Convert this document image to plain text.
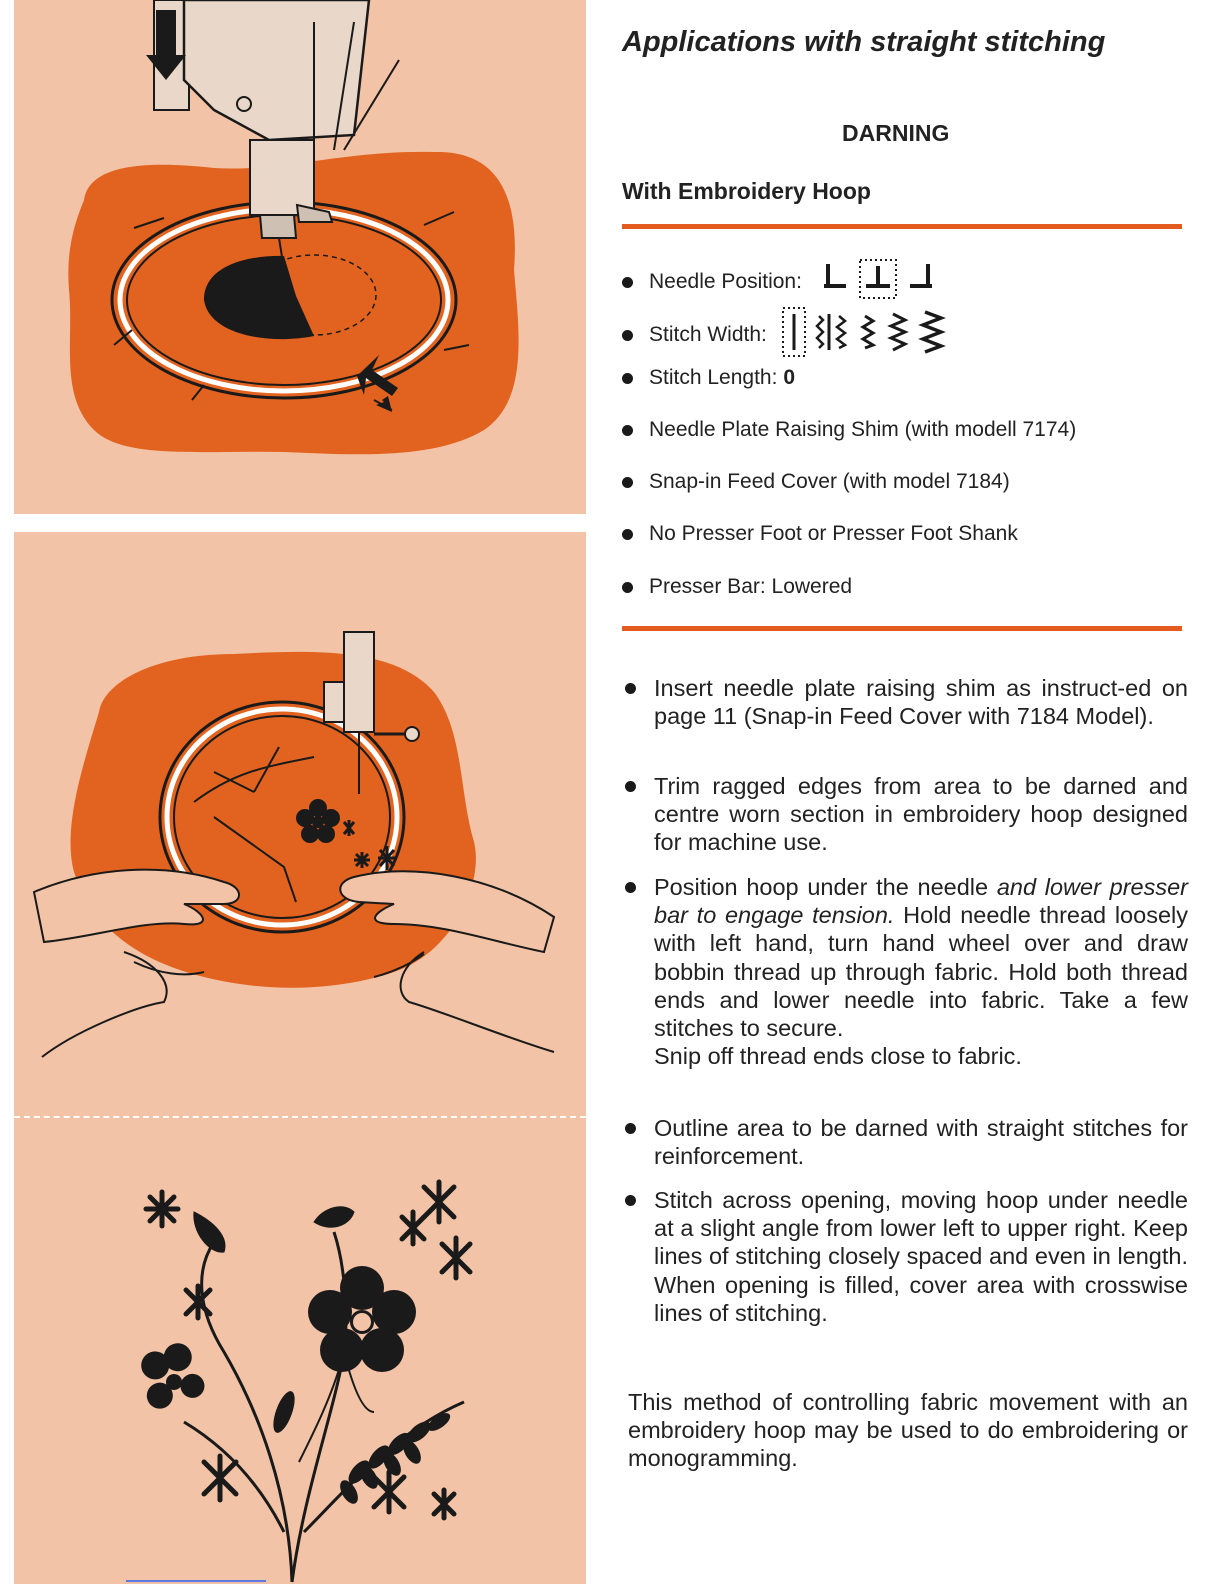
Applications with straight stitching
DARNING
With Embroidery Hoop
Needle Position:
Stitch Width:
Stitch Length: 0
Needle Plate Raising Shim (with modell 7174)
Snap-in Feed Cover (with model 7184)
No Presser Foot or Presser Foot Shank
Presser Bar: Lowered

Insert needle plate raising shim as instruct-ed on page 11 (Snap-in Feed Cover with 7184 Model).

Trim ragged edges from area to be darned and centre worn section in embroidery hoop designed for machine use.

Position hoop under the needle and lower presser bar to engage tension. Hold needle thread loosely with left hand, turn hand wheel over and draw bobbin thread up through fabric. Hold both thread ends and lower needle into fabric. Take a few stitches to secure.

Snip off thread ends close to fabric.

Outline area to be darned with straight stitches for reinforcement.

Stitch across opening, moving hoop under needle at a slight angle from lower left to upper right. Keep lines of stitching closely spaced and even in length. When opening is filled, cover area with crosswise lines of stitching.

This method of controlling fabric movement with an embroidery hoop may be used to do embroidering or monogramming.
